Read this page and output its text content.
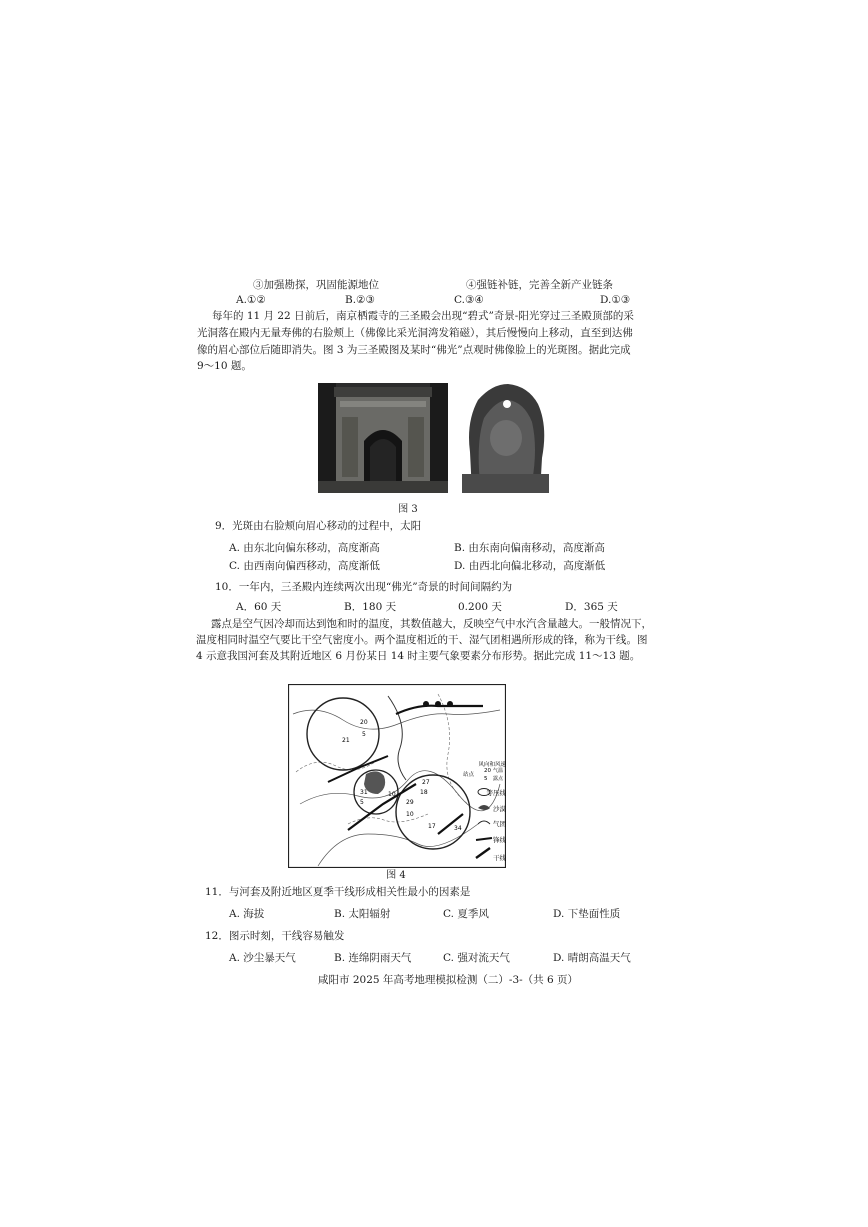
③加强勘探，巩固能源地位	④强链补链，完善全新产业链条
A.①②	B.②③	C.③④	D.①③
每年的 11 月 22 日前后，南京栖霞寺的三圣殿会出现“碧式”奇景-阳光穿过三圣殿顶部的采
光洞落在殿内无量寿佛的右脸颊上（佛像比采光洞湾发箱磁），其后慢慢向上移动，直至到达佛
像的眉心部位后随即消失。图 3 为三圣殿图及某时“佛光”点观时佛像脸上的光斑图。据此完成
9～10 题。
图 3
9．光斑由右脸颊向眉心移动的过程中，太阳
A. 由东北向偏东移动，高度渐高	B. 由东南向偏南移动，高度渐高
C. 由西南向偏西移动，高度渐低	D. 由西北向偏北移动，高度渐低
10．一年内，三圣殿内连续两次出现“佛光”奇景的时间间隔约为
A．60 天	B．180 天	0.200 天	D．365 天
露点是空气因冷却而达到饱和时的温度，其数值越大，反映空气中水汽含量越大。一般情况下，
温度相同时温空气要比干空气密度小。两个温度相近的干、湿气团相遇所形成的锋，称为干线。图
4 示意我国河套及其附近地区 6 月份某日 14 时主要气象要素分布形势。据此完成 11～13 题。
20
5
21
31
5	29
10
18
17	34
27
10
风向和风速
站点
20
5
气温
露点
等压线
沙漠
气团
锋线
干线
图 4
11．与河套及附近地区夏季干线形成相关性最小的因素是
A. 海拔	B. 太阳辐射	C. 夏季风	D. 下垫面性质
12．图示时刻，干线容易触发
A. 沙尘暴天气	B. 连绵阴雨天气	C. 强对流天气	D. 晴朗高温天气
咸阳市 2025 年高考地理模拟检测（二）-3-（共 6 页）
